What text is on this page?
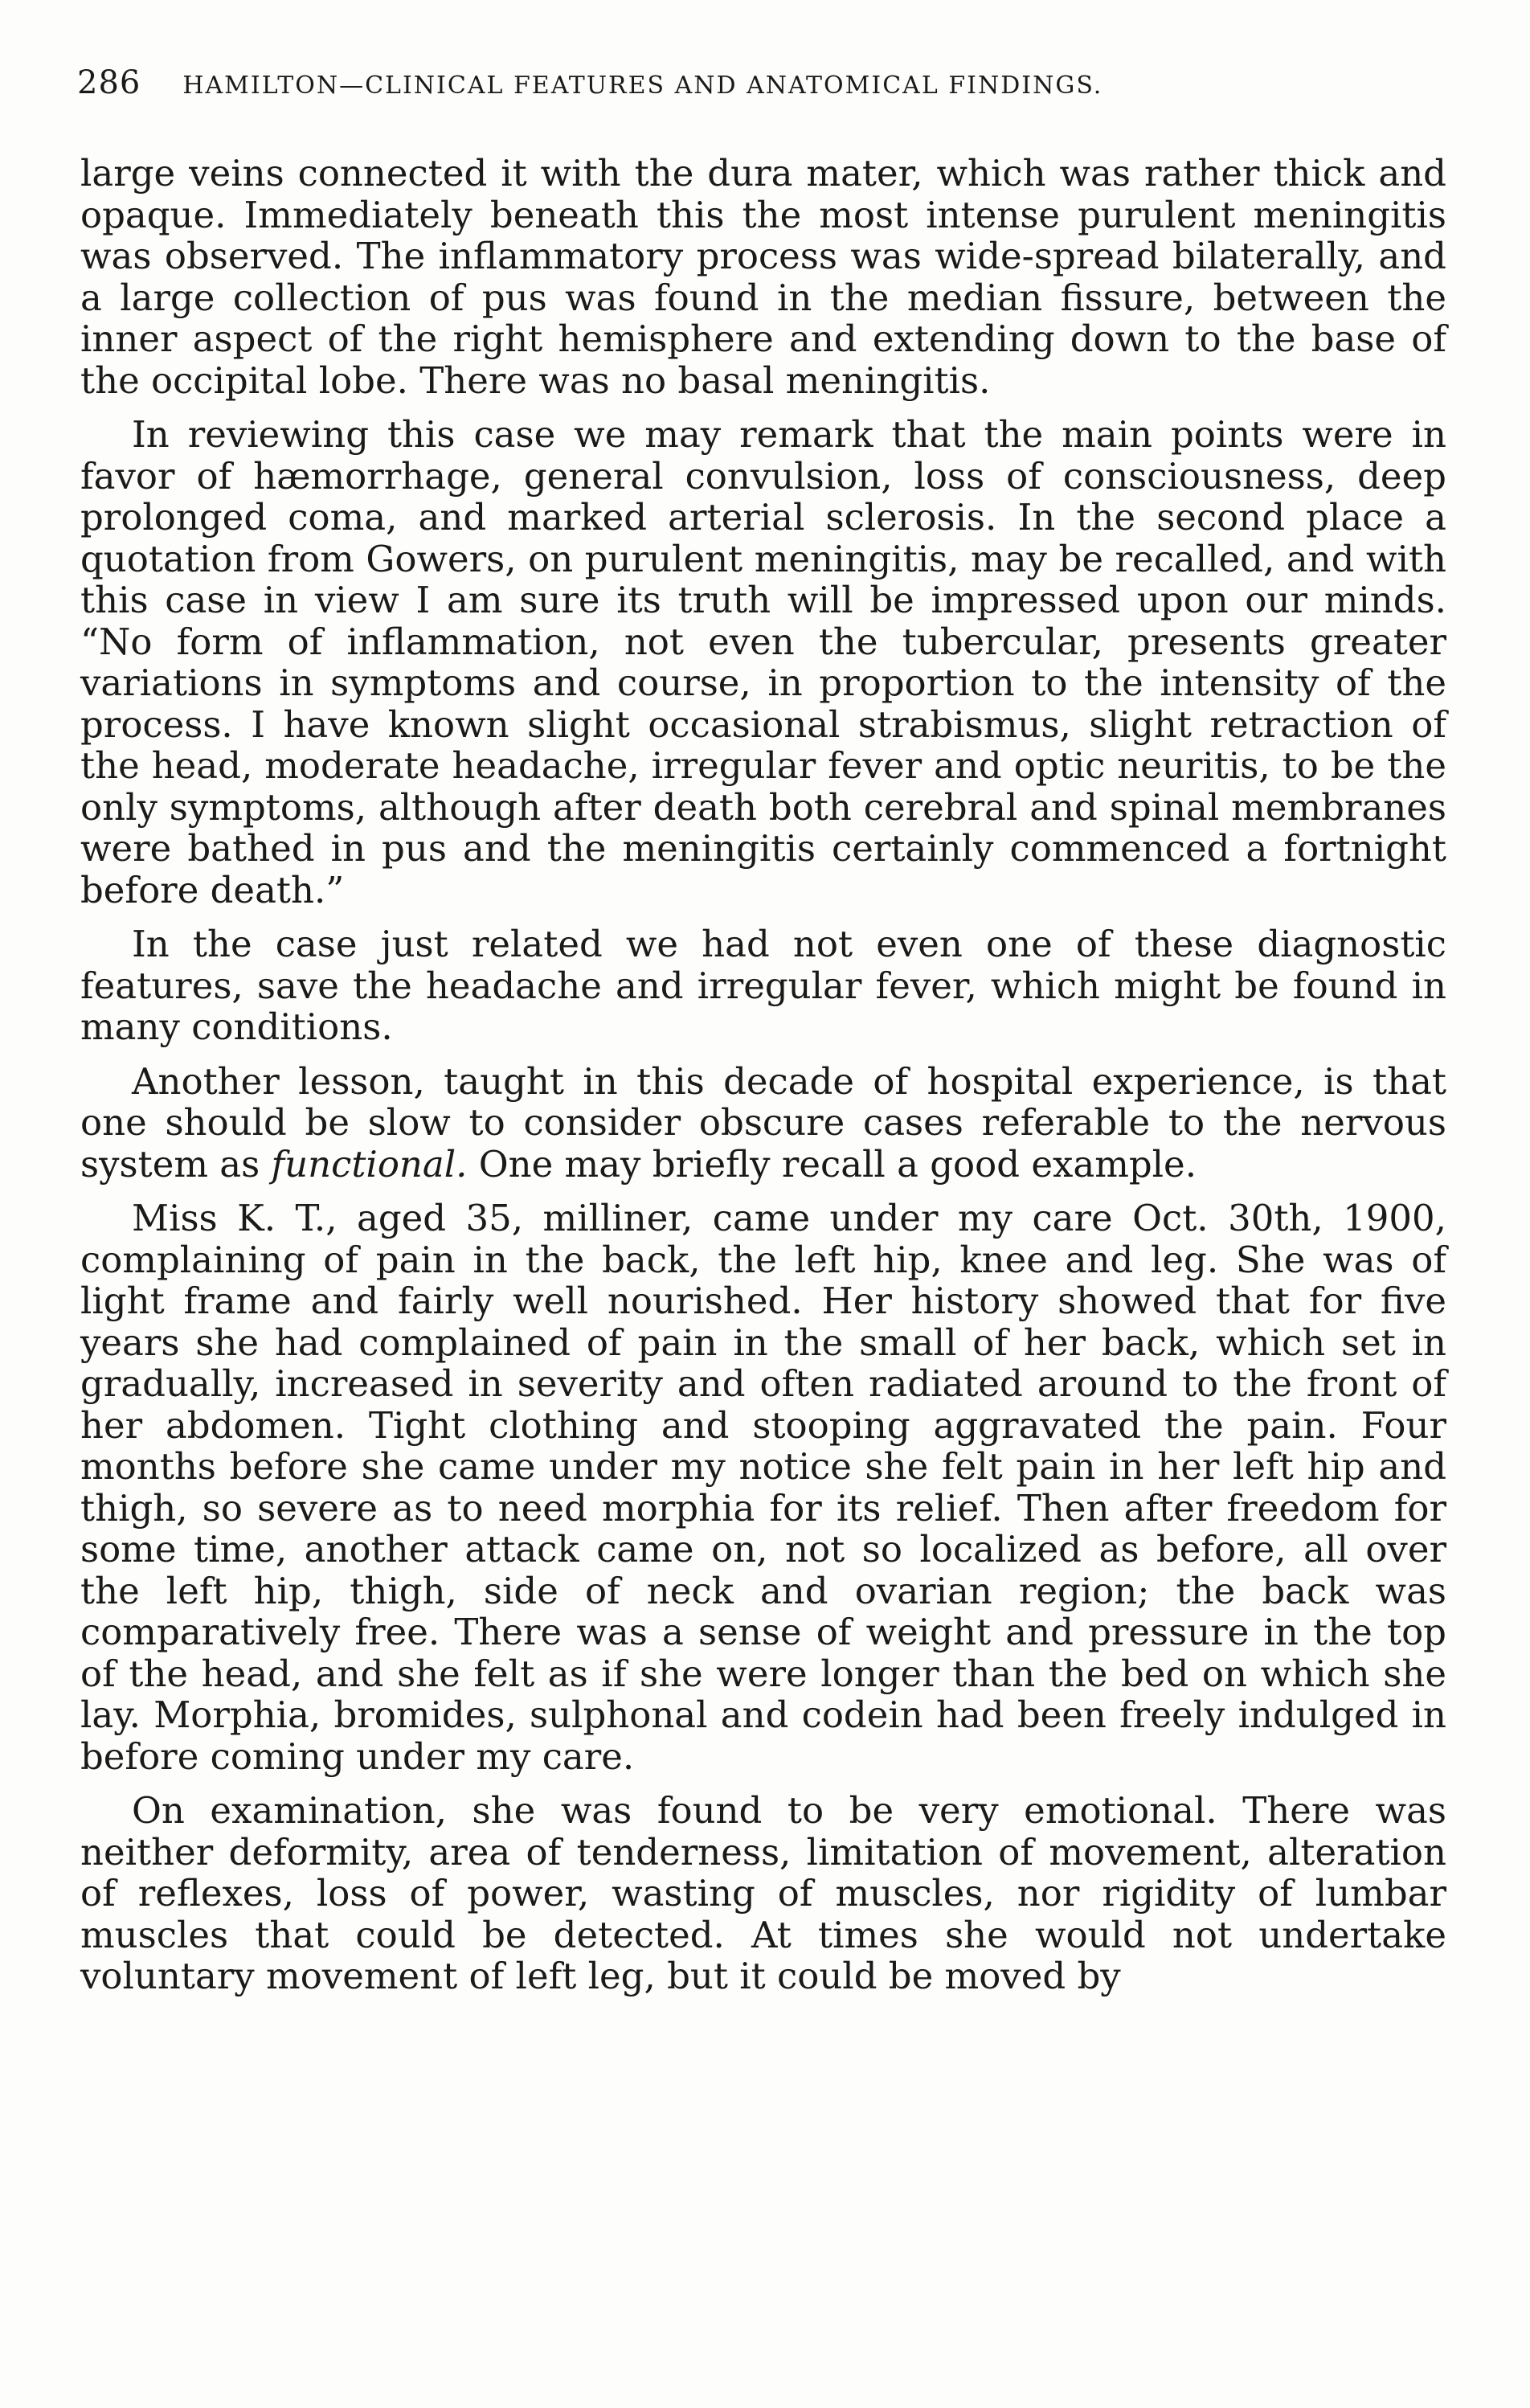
286 HAMILTON—CLINICAL FEATURES AND ANATOMICAL FINDINGS.

large veins connected it with the dura mater, which was rather thick and opaque. Immediately beneath this the most intense purulent meningitis was observed. The inflammatory process was wide-spread bilaterally, and a large collection of pus was found in the median fissure, between the inner aspect of the right hemisphere and extending down to the base of the occipital lobe. There was no basal meningitis.

In reviewing this case we may remark that the main points were in favor of hæmorrhage, general convulsion, loss of consciousness, deep prolonged coma, and marked arterial sclerosis. In the second place a quotation from Gowers, on purulent meningitis, may be recalled, and with this case in view I am sure its truth will be impressed upon our minds. “No form of inflammation, not even the tubercular, presents greater variations in symptoms and course, in proportion to the intensity of the process. I have known slight occasional strabismus, slight retraction of the head, moderate headache, irregular fever and optic neuritis, to be the only symptoms, although after death both cerebral and spinal membranes were bathed in pus and the meningitis certainly commenced a fortnight before death.”

In the case just related we had not even one of these diagnostic features, save the headache and irregular fever, which might be found in many conditions.

Another lesson, taught in this decade of hospital experience, is that one should be slow to consider obscure cases referable to the nervous system as functional. One may briefly recall a good example.

Miss K. T., aged 35, milliner, came under my care Oct. 30th, 1900, complaining of pain in the back, the left hip, knee and leg. She was of light frame and fairly well nourished. Her history showed that for five years she had complained of pain in the small of her back, which set in gradually, increased in severity and often radiated around to the front of her abdomen. Tight clothing and stooping aggravated the pain. Four months before she came under my notice she felt pain in her left hip and thigh, so severe as to need morphia for its relief. Then after freedom for some time, another attack came on, not so localized as before, all over the left hip, thigh, side of neck and ovarian region; the back was comparatively free. There was a sense of weight and pressure in the top of the head, and she felt as if she were longer than the bed on which she lay. Morphia, bromides, sulphonal and codein had been freely indulged in before coming under my care.

On examination, she was found to be very emotional. There was neither deformity, area of tenderness, limitation of movement, alteration of reflexes, loss of power, wasting of muscles, nor rigidity of lumbar muscles that could be detected. At times she would not undertake voluntary movement of left leg, but it could be moved by
